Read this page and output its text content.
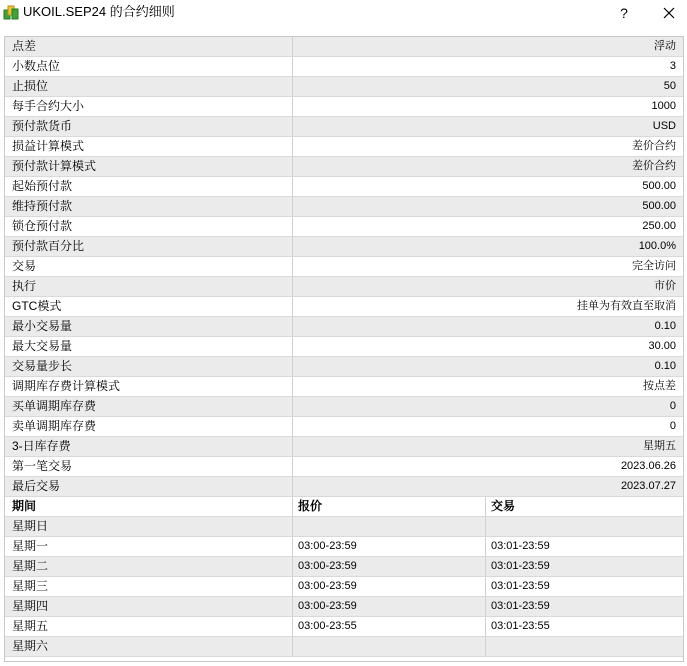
UKOIL.SEP24 的合约细则	?
点差	浮动
小数点位	3
止损位	50
每手合约大小	1000
预付款货币	USD
损益计算模式	差价合约
预付款计算模式	差价合约
起始预付款	500.00
维持预付款	500.00
锁仓预付款	250.00
预付款百分比	100.0%
交易	完全访问
执行	市价
GTC模式	挂单为有效直至取消
最小交易量	0.10
最大交易量	30.00
交易量步长	0.10
调期库存费计算模式	按点差
买单调期库存费	0
卖单调期库存费	0
3-日库存费	星期五
第一笔交易	2023.06.26
最后交易	2023.07.27
期间	报价	交易
星期日
星期一	03:00-23:59	03:01-23:59
星期二	03:00-23:59	03:01-23:59
星期三	03:00-23:59	03:01-23:59
星期四	03:00-23:59	03:01-23:59
星期五	03:00-23:55	03:01-23:55
星期六
